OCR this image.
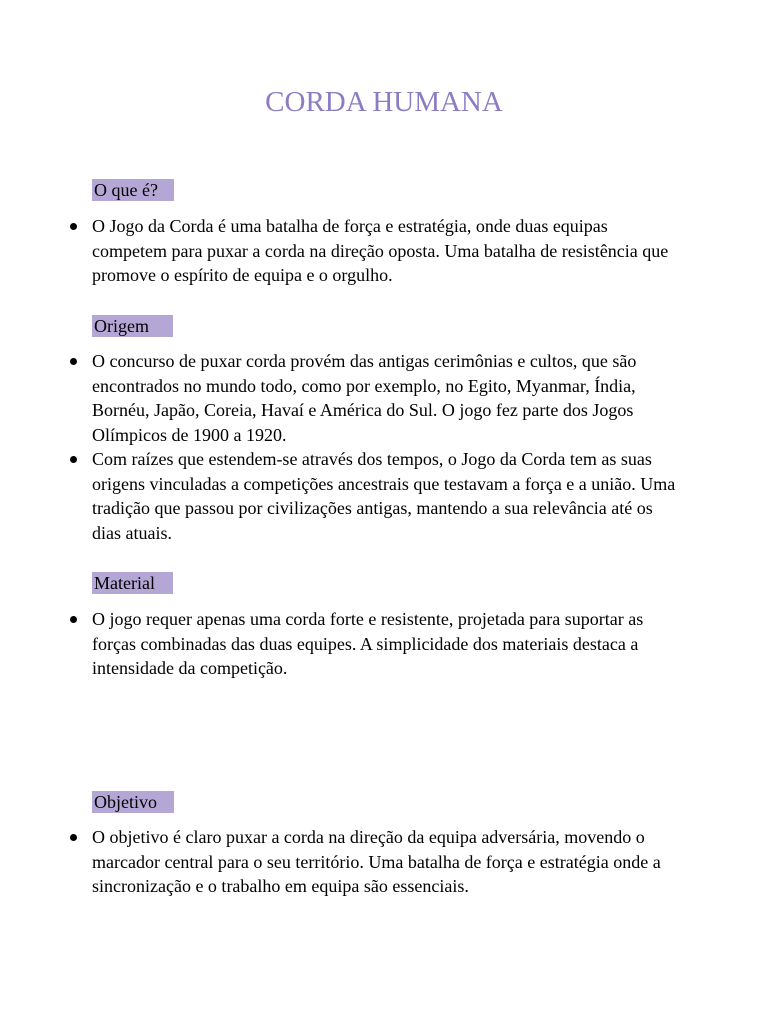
CORDA HUMANA
O que é?
O Jogo da Corda é uma batalha de força e estratégia, onde duas equipas competem para puxar a corda na direção oposta. Uma batalha de resistência que promove o espírito de equipa e o orgulho.
Origem
O concurso de puxar corda provém das antigas cerimônias e cultos, que são encontrados no mundo todo, como por exemplo, no Egito, Myanmar, Índia, Bornéu, Japão, Coreia, Havaí e América do Sul. O jogo fez parte dos Jogos Olímpicos de 1900 a 1920.
Com raízes que estendem-se através dos tempos, o Jogo da Corda tem as suas origens vinculadas a competições ancestrais que testavam a força e a união. Uma tradição que passou por civilizações antigas, mantendo a sua relevância até os dias atuais.
Material
O jogo requer apenas uma corda forte e resistente, projetada para suportar as forças combinadas das duas equipes. A simplicidade dos materiais destaca a intensidade da competição.
Objetivo
O objetivo é claro puxar a corda na direção da equipa adversária, movendo o marcador central para o seu território. Uma batalha de força e estratégia onde a sincronização e o trabalho em equipa são essenciais.
